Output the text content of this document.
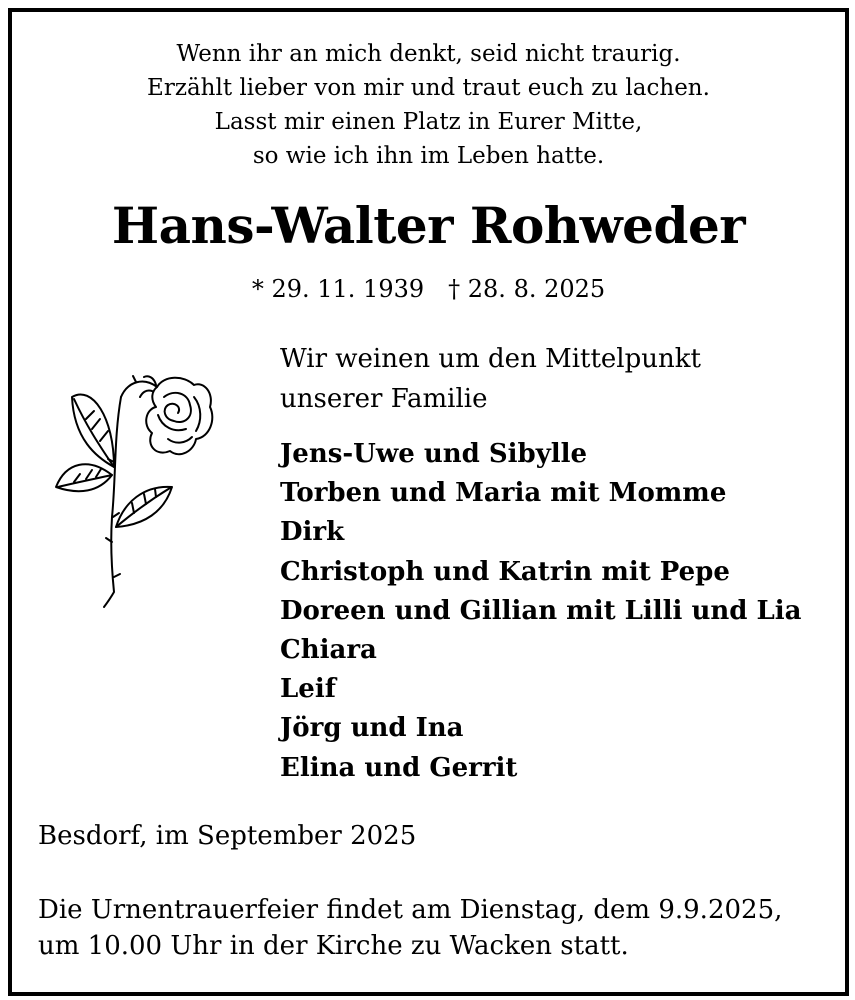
Wenn ihr an mich denkt, seid nicht traurig.
Erzählt lieber von mir und traut euch zu lachen.
Lasst mir einen Platz in Eurer Mitte,
so wie ich ihn im Leben hatte.
Hans-Walter Rohweder
* 29. 11. 1939 † 28. 8. 2025
Wir weinen um den Mittelpunkt
unserer Familie
Jens-Uwe und Sibylle
Torben und Maria mit Momme
Dirk
Christoph und Katrin mit Pepe
Doreen und Gillian mit Lilli und Lia
Chiara
Leif
Jörg und Ina
Elina und Gerrit
Besdorf, im September 2025
Die Urnentrauerfeier findet am Dienstag, dem 9.9.2025,
um 10.00 Uhr in der Kirche zu Wacken statt.
